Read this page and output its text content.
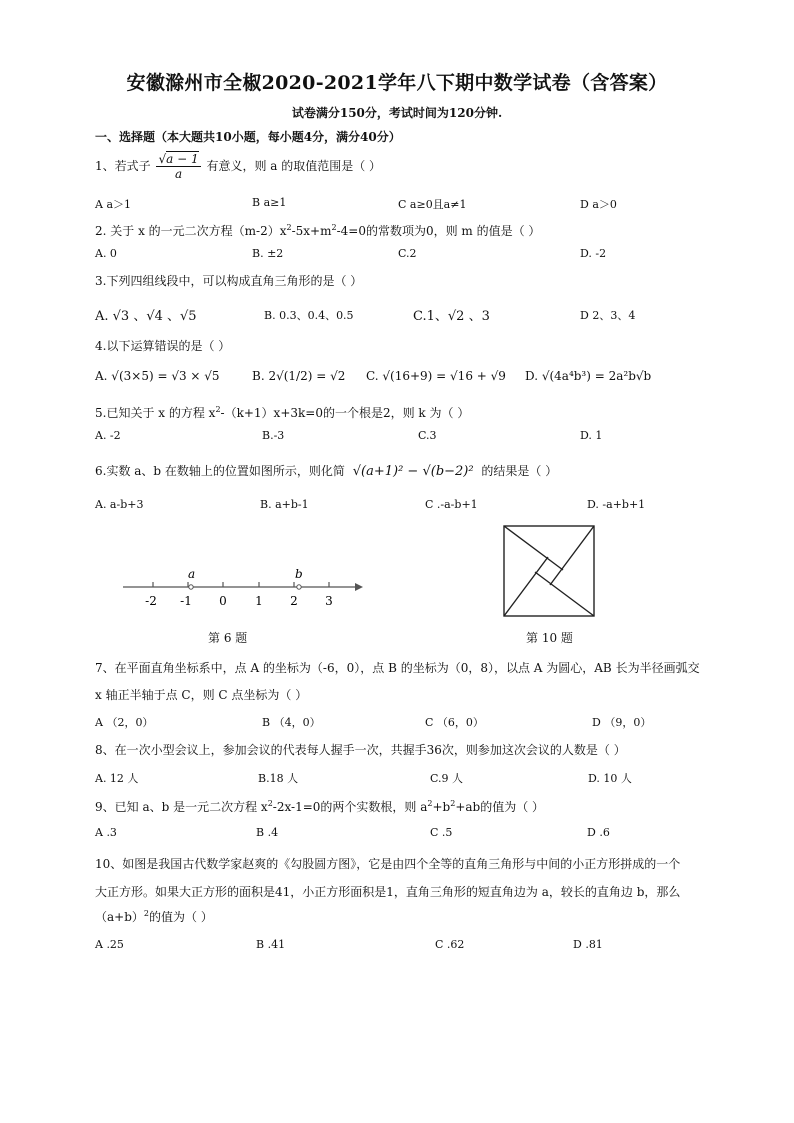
安徽滁州市全椒2020-2021学年八下期中数学试卷（含答案）
试卷满分150分，考试时间为120分钟.
一、选择题（本大题共10小题，每小题4分，满分40分）
1、若式子 $\frac{√a - 1}{a}$ 有意义，则 a 的取值范围是（ ）
A a＞1	B a≥1	C a≥0且a≠1	D a＞0
2. 关于 x 的一元二次方程$(m-2)x^2-5x+m^2-4=0$的常数项为0，则 m 的值是（ ）
A. 0	B. ±2	C.2	D. -2
3.下列四组线段中，可以构成直角三角形的是（ ）
A. √3 、√4 、√5	B. 0.3、0.4、0.5	C.1、√2 、3	D 2、3、4
4.以下运算错误的是（ ）
A. √(3×5) = √3 × √5	B. 2√(1/2) = √2 C. √(16+9) = √16 + √9 D. √(4a⁴b³) = 2a²b√b
5.已知关于 x 的方程 $x^2-(k+1)x+3k=0$的一个根是2，则 k 为（ ）
A. -2	B.-3	C.3	D. 1
6.实数 a、b 在数轴上的位置如图所示，则化简 √(a+1)² − √(b−2)² 的结果是（ ）
A. a-b+3	B. a+b-1	C .-a-b+1	D. -a+b+1
a	b
-2 -1 0 1 2 3
第 6 题	第 10 题
7、在平面直角坐标系中，点 A 的坐标为（-6，0），点 B 的坐标为（0，8），以点 A 为圆心，AB 长为半径画弧交
x 轴正半轴于点 C，则 C 点坐标为（ ）
A （2，0）	B （4，0）	C （6，0）	D （9，0）
8、在一次小型会议上，参加会议的代表每人握手一次，共握手36次，则参加这次会议的人数是（ ）
A. 12 人	B.18 人	C.9 人	D. 10 人
9、已知 a、b 是一元二次方程 $x^2-2x-1=0$的两个实数根，则 $a^2+b^2+ab$的值为（ ）
A .3	B .4	C .5	D .6
10、如图是我国古代数学家赵爽的《勾股圆方图》，它是由四个全等的直角三角形与中间的小正方形拼成的一个
大正方形。如果大正方形的面积是41，小正方形面积是1，直角三角形的短直角边为 a，较长的直角边 b，那么
$(a+b)^2$的值为（ ）
A .25	B .41	C .62	D .81
